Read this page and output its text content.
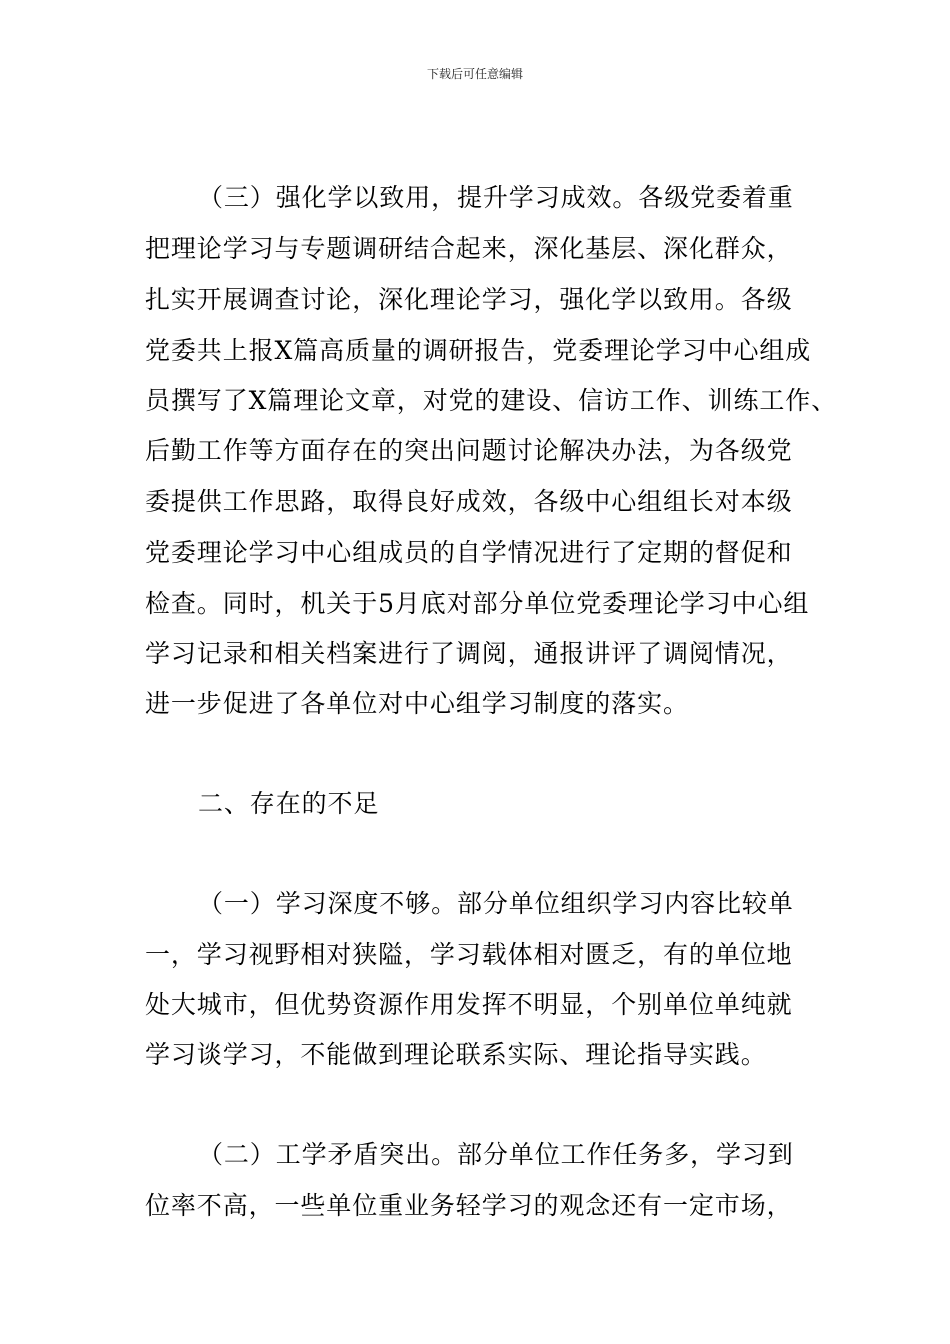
下载后可任意编辑
（三）强化学以致用，提升学习成效。各级党委着重
把理论学习与专题调研结合起来，深化基层、深化群众，
扎实开展调查讨论，深化理论学习，强化学以致用。各级
党委共上报X篇高质量的调研报告，党委理论学习中心组成
员撰写了X篇理论文章，对党的建设、信访工作、训练工作、
后勤工作等方面存在的突出问题讨论解决办法，为各级党
委提供工作思路，取得良好成效，各级中心组组长对本级
党委理论学习中心组成员的自学情况进行了定期的督促和
检查。同时，机关于5月底对部分单位党委理论学习中心组
学习记录和相关档案进行了调阅，通报讲评了调阅情况，
进一步促进了各单位对中心组学习制度的落实。
二、存在的不足
（一）学习深度不够。部分单位组织学习内容比较单
一，学习视野相对狭隘，学习载体相对匮乏，有的单位地
处大城市，但优势资源作用发挥不明显，个别单位单纯就
学习谈学习，不能做到理论联系实际、理论指导实践。
（二）工学矛盾突出。部分单位工作任务多，学习到
位率不高，一些单位重业务轻学习的观念还有一定市场，
